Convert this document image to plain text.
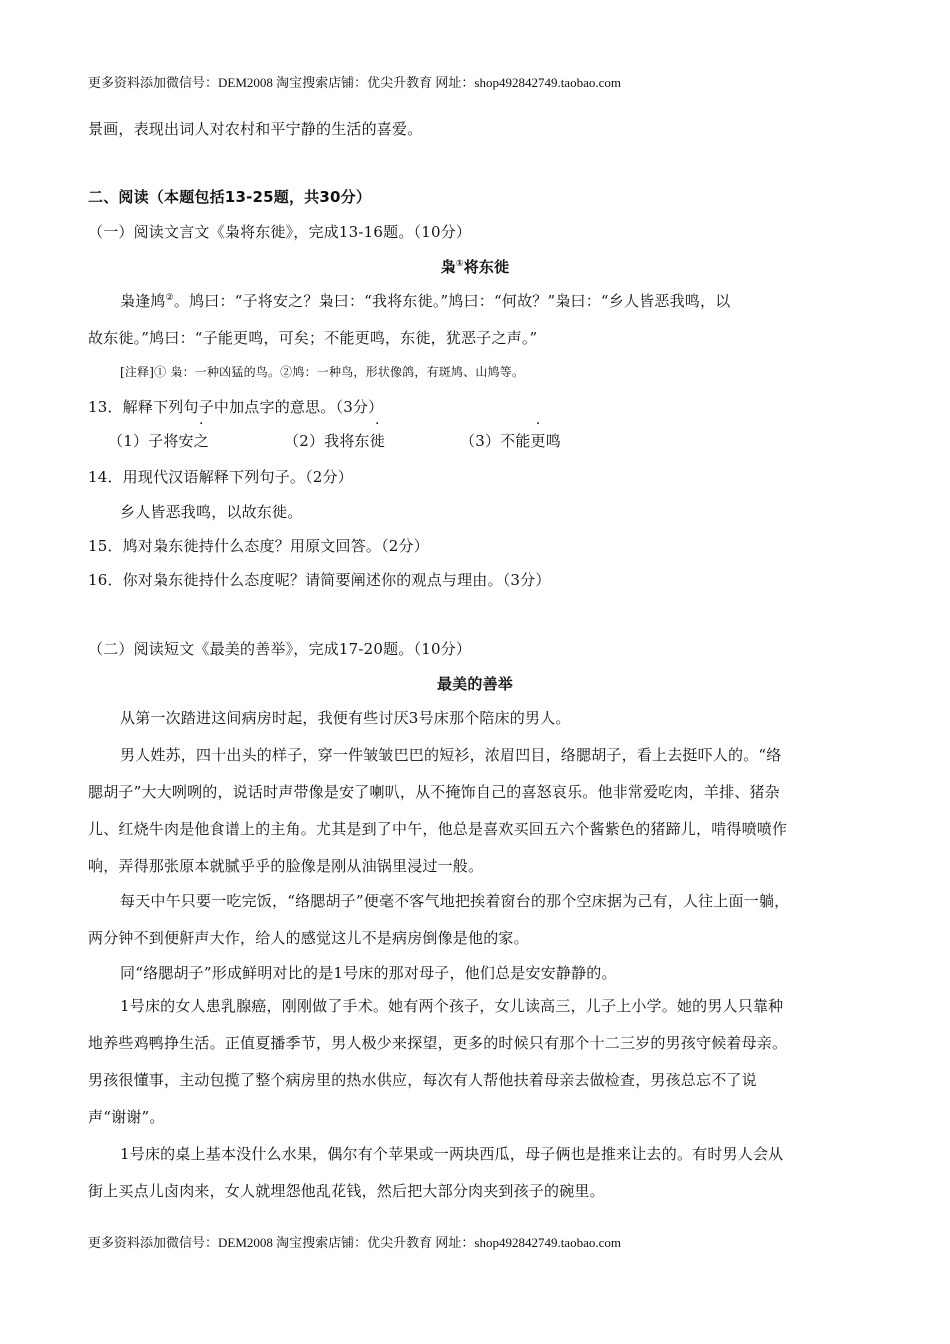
更多资料添加微信号：DEM2008 淘宝搜索店铺：优尖升教育 网址：shop492842749.taobao.com
景画，表现出词人对农村和平宁静的生活的喜爱。
二、阅读（本题包括13-25题，共30分）
（一）阅读文言文《枭将东徙》，完成13-16题。（10分）
枭①将东徙
枭逢鸠②。鸠曰：“子将安之？枭曰：“我将东徙。”鸠曰：“何故？”枭曰：“乡人皆恶我鸣，以
故东徙。”鸠曰：“子能更鸣，可矣；不能更鸣，东徙，犹恶子之声。”
[注释]① 枭：一种凶猛的鸟。②鸠：一种鸟，形状像鸽，有斑鸠、山鸠等。
13．解释下列句子中加点字的意思。（3分）
（1）子将安之	（2）我将东徙	（3）不能更鸣
14．用现代汉语解释下列句子。（2分）
乡人皆恶我鸣，以故东徙。
15．鸠对枭东徙持什么态度？用原文回答。（2分）
16．你对枭东徙持什么态度呢？请简要阐述你的观点与理由。（3分）
（二）阅读短文《最美的善举》，完成17-20题。（10分）
最美的善举
从第一次踏进这间病房时起，我便有些讨厌3号床那个陪床的男人。
男人姓苏，四十出头的样子，穿一件皱皱巴巴的短衫，浓眉凹目，络腮胡子，看上去挺吓人的。“络
腮胡子”大大咧咧的，说话时声带像是安了喇叭，从不掩饰自己的喜怒哀乐。他非常爱吃肉，羊排、猪杂
儿、红烧牛肉是他食谱上的主角。尤其是到了中午，他总是喜欢买回五六个酱紫色的猪蹄儿，啃得喷喷作
响，弄得那张原本就腻乎乎的脸像是刚从油锅里浸过一般。
每天中午只要一吃完饭，“络腮胡子”便毫不客气地把挨着窗台的那个空床据为己有，人往上面一躺，
两分钟不到便鼾声大作，给人的感觉这儿不是病房倒像是他的家。
同“络腮胡子”形成鲜明对比的是1号床的那对母子，他们总是安安静静的。
1号床的女人患乳腺癌，刚刚做了手术。她有两个孩子，女儿读高三，儿子上小学。她的男人只靠种
地养些鸡鸭挣生活。正值夏播季节，男人极少来探望，更多的时候只有那个十二三岁的男孩守候着母亲。
男孩很懂事，主动包揽了整个病房里的热水供应，每次有人帮他扶着母亲去做检查，男孩总忘不了说
声“谢谢”。
1号床的桌上基本没什么水果，偶尔有个苹果或一两块西瓜，母子俩也是推来让去的。有时男人会从
街上买点儿卤肉来，女人就埋怨他乱花钱，然后把大部分肉夹到孩子的碗里。
更多资料添加微信号：DEM2008 淘宝搜索店铺：优尖升教育 网址：shop492842749.taobao.com
